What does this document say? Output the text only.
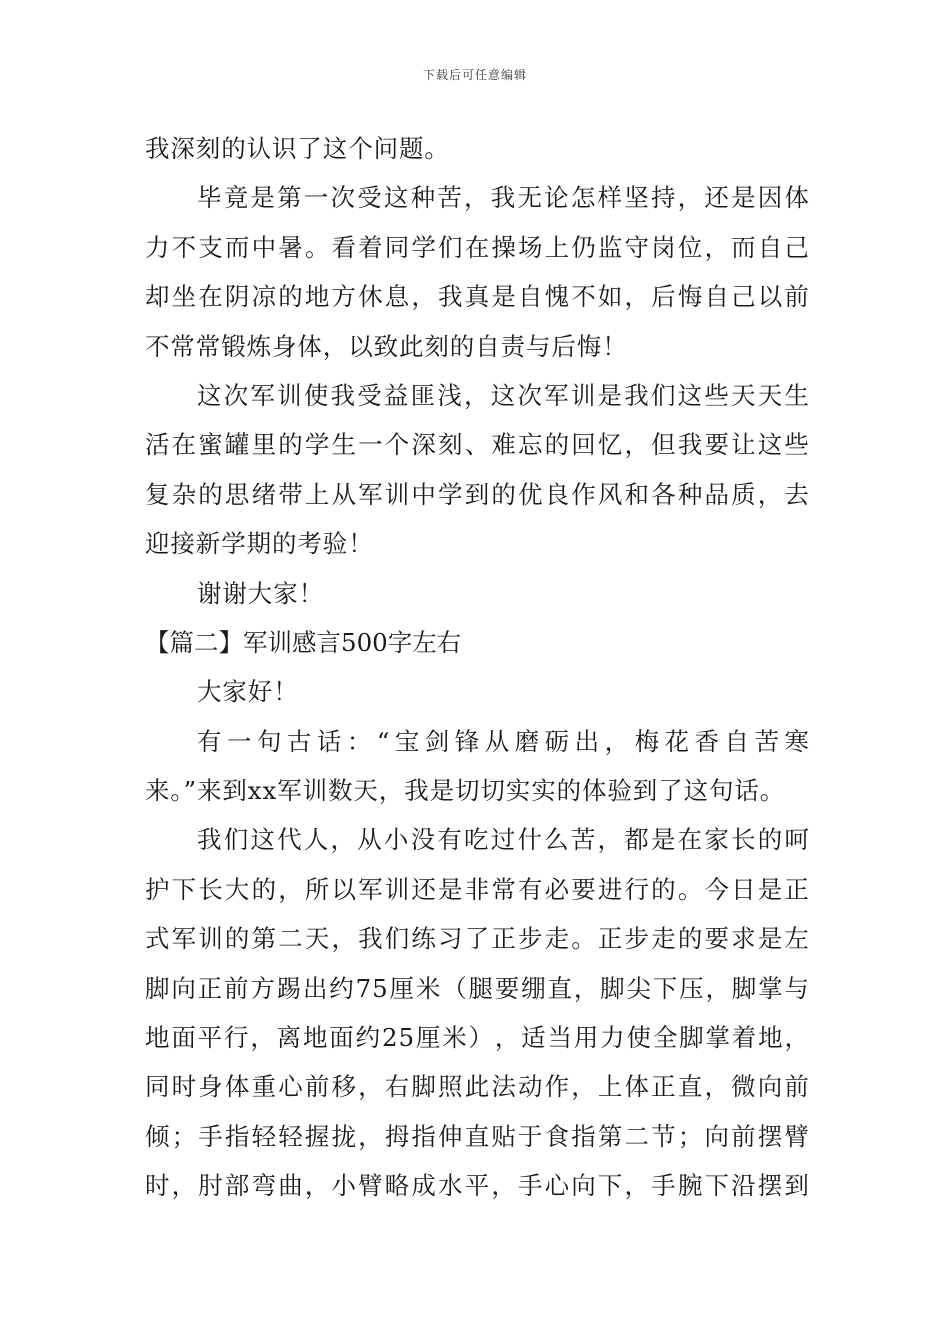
下载后可任意编辑
我深刻的认识了这个问题。
毕 竟 是 第 一 次 受 这 种 苦 ， 我 无 论 怎 样 坚 持 ， 还 是 因 体
力 不 支 而 中 暑 。 看 着 同 学 们 在 操 场 上 仍 监 守 岗 位 ， 而 自 己
却 坐 在 阴 凉 的 地 方 休 息 ， 我 真 是 自 愧 不 如 ， 后 悔 自 己 以 前
不常常锻炼身体，以致此刻的自责与后悔！
这 次 军 训 使 我 受 益 匪 浅 ， 这 次 军 训 是 我 们 这 些 天 天 生
活 在 蜜 罐 里 的 学 生 一 个 深 刻 、 难 忘 的 回 忆 ， 但 我 要 让 这 些
复 杂 的 思 绪 带 上 从 军 训 中 学 到 的 优 良 作 风 和 各 种 品 质 ， 去
迎接新学期的考验！
谢谢大家！
【篇二】军训感言500字左右
大家好！
有 一 句 古 话 ： “ 宝 剑 锋 从 磨 砺 出 ， 梅 花 香 自 苦 寒
来。”来到xx军训数天，我是切切实实的体验到了这句话。
我 们 这 代 人 ， 从 小 没 有 吃 过 什 么 苦 ， 都 是 在 家 长 的 呵
护 下 长 大 的 ， 所 以 军 训 还 是 非 常 有 必 要 进 行 的 。 今 日 是 正
式 军 训 的 第 二 天 ， 我 们 练 习 了 正 步 走 。 正 步 走 的 要 求 是 左
脚 向 正 前 方 踢 出 约 75 厘 米 （ 腿 要 绷 直 ， 脚 尖 下 压 ， 脚 掌 与
地 面 平 行 ， 离 地 面 约 25 厘 米 ） ， 适 当 用 力 使 全 脚 掌 着 地 ，
同 时 身 体 重 心 前 移 ， 右 脚 照 此 法 动 作 ， 上 体 正 直 ， 微 向 前
倾 ； 手 指 轻 轻 握 拢 ， 拇 指 伸 直 贴 于 食 指 第 二 节 ； 向 前 摆 臂
时 ， 肘 部 弯 曲 ， 小 臂 略 成 水 平 ， 手 心 向 下 ， 手 腕 下 沿 摆 到
